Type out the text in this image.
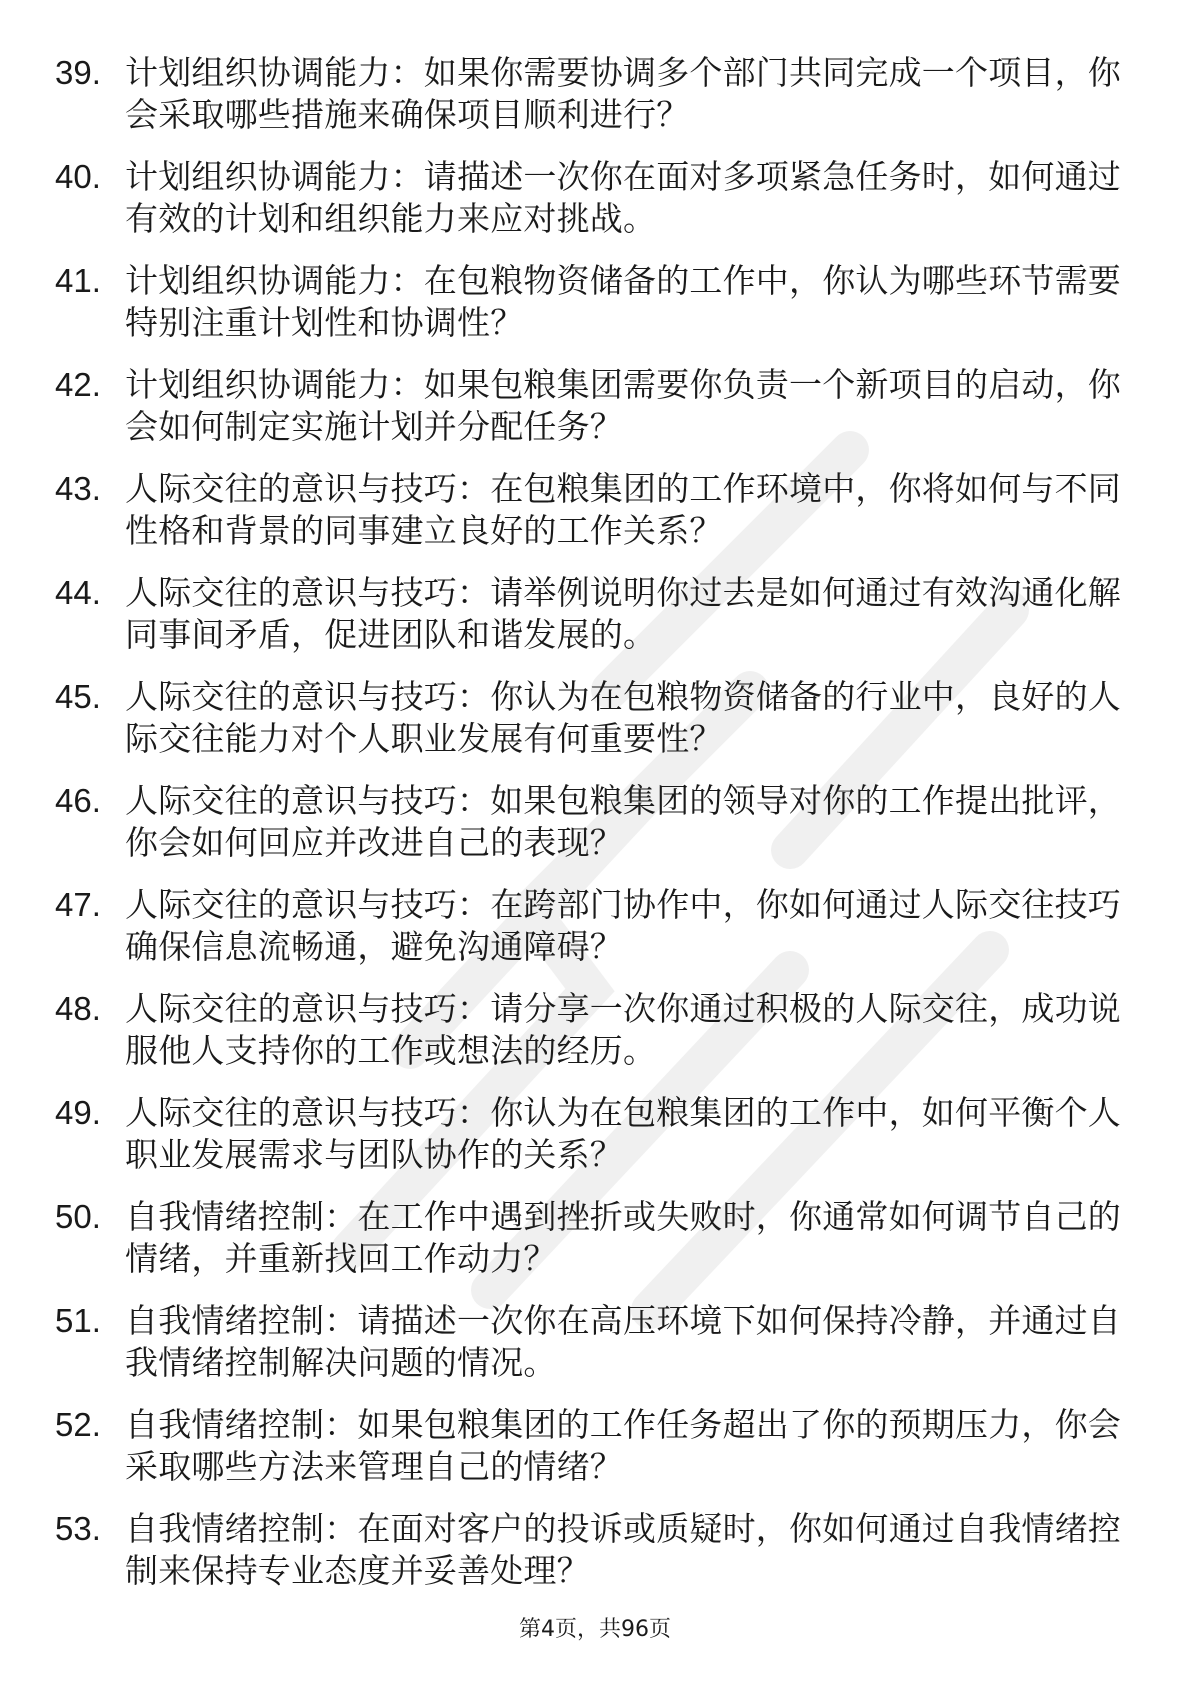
39. 计划组织协调能力：如果你需要协调多个部门共同完成一个项目，你会采取哪些措施来确保项目顺利进行？
40. 计划组织协调能力：请描述一次你在面对多项紧急任务时，如何通过有效的计划和组织能力来应对挑战。
41. 计划组织协调能力：在包粮物资储备的工作中，你认为哪些环节需要特别注重计划性和协调性？
42. 计划组织协调能力：如果包粮集团需要你负责一个新项目的启动，你会如何制定实施计划并分配任务？
43. 人际交往的意识与技巧：在包粮集团的工作环境中，你将如何与不同性格和背景的同事建立良好的工作关系？
44. 人际交往的意识与技巧：请举例说明你过去是如何通过有效沟通化解同事间矛盾，促进团队和谐发展的。
45. 人际交往的意识与技巧：你认为在包粮物资储备的行业中，良好的人际交往能力对个人职业发展有何重要性？
46. 人际交往的意识与技巧：如果包粮集团的领导对你的工作提出批评，你会如何回应并改进自己的表现？
47. 人际交往的意识与技巧：在跨部门协作中，你如何通过人际交往技巧确保信息流畅通，避免沟通障碍？
48. 人际交往的意识与技巧：请分享一次你通过积极的人际交往，成功说服他人支持你的工作或想法的经历。
49. 人际交往的意识与技巧：你认为在包粮集团的工作中，如何平衡个人职业发展需求与团队协作的关系？
50. 自我情绪控制：在工作中遇到挫折或失败时，你通常如何调节自己的情绪，并重新找回工作动力？
51. 自我情绪控制：请描述一次你在高压环境下如何保持冷静，并通过自我情绪控制解决问题的情况。
52. 自我情绪控制：如果包粮集团的工作任务超出了你的预期压力，你会采取哪些方法来管理自己的情绪？
53. 自我情绪控制：在面对客户的投诉或质疑时，你如何通过自我情绪控制来保持专业态度并妥善处理？
第4页，共96页
